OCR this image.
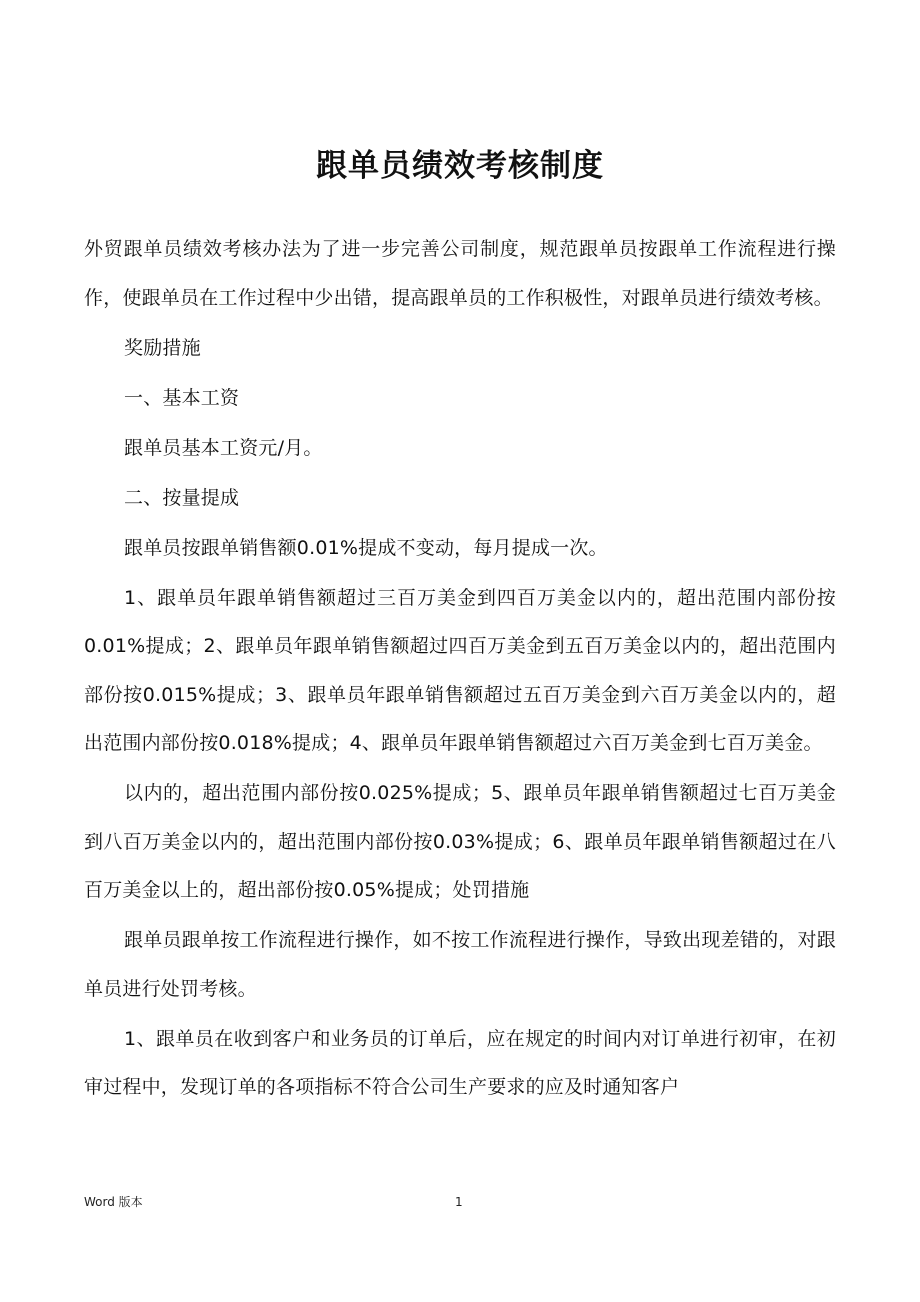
跟单员绩效考核制度

外贸跟单员绩效考核办法为了进一步完善公司制度，规范跟单员按跟单工作流程进行操作，使跟单员在工作过程中少出错，提高跟单员的工作积极性，对跟单员进行绩效考核。

奖励措施

一、基本工资

跟单员基本工资元/月。

二、按量提成

跟单员按跟单销售额0.01%提成不变动，每月提成一次。

1、跟单员年跟单销售额超过三百万美金到四百万美金以内的，超出范围内部份按0.01%提成；2、跟单员年跟单销售额超过四百万美金到五百万美金以内的，超出范围内部份按0.015%提成；3、跟单员年跟单销售额超过五百万美金到六百万美金以内的，超出范围内部份按0.018%提成；4、跟单员年跟单销售额超过六百万美金到七百万美金。

以内的，超出范围内部份按0.025%提成；5、跟单员年跟单销售额超过七百万美金到八百万美金以内的，超出范围内部份按0.03%提成；6、跟单员年跟单销售额超过在八百万美金以上的，超出部份按0.05%提成；处罚措施

跟单员跟单按工作流程进行操作，如不按工作流程进行操作，导致出现差错的，对跟单员进行处罚考核。

1、跟单员在收到客户和业务员的订单后，应在规定的时间内对订单进行初审，在初审过程中，发现订单的各项指标不符合公司生产要求的应及时通知客户

Word 版本	1
